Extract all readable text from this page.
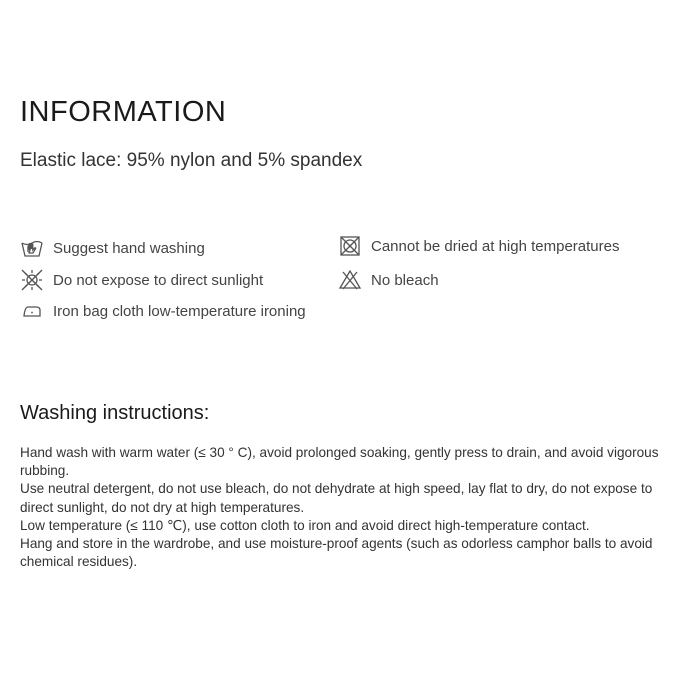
INFORMATION
Elastic lace: 95% nylon and 5% spandex
Suggest hand washing
Do not expose to direct sunlight
Iron bag cloth low-temperature ironing
Cannot be dried at high temperatures
No bleach
Washing instructions:

Hand wash with warm water (≤ 30 ° C), avoid prolonged soaking, gently press to drain, and avoid vigorous rubbing.

Use neutral detergent, do not use bleach, do not dehydrate at high speed, lay flat to dry, do not expose to direct sunlight, do not dry at high temperatures.

Low temperature (≤ 110 ℃), use cotton cloth to iron and avoid direct high-temperature contact.

Hang and store in the wardrobe, and use moisture-proof agents (such as odorless camphor balls to avoid chemical residues).
